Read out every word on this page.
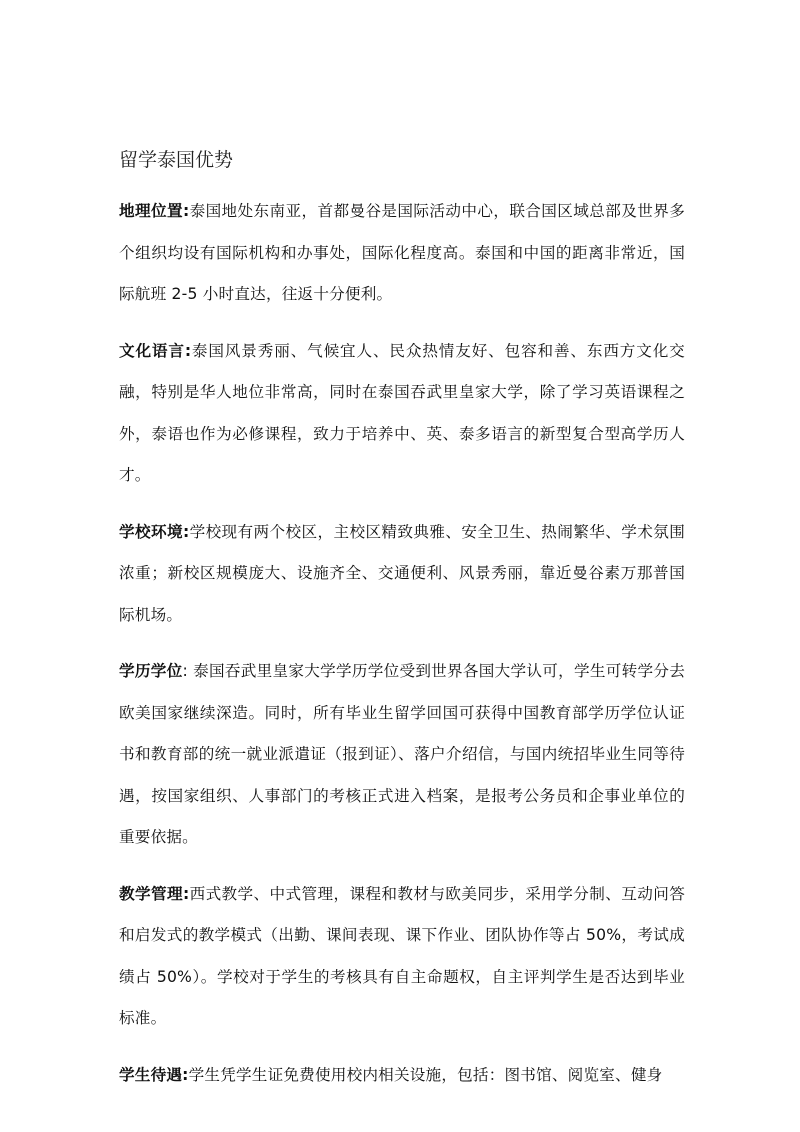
留学泰国优势

地理位置:泰国地处东南亚，首都曼谷是国际活动中心，联合国区域总部及世界多个组织均设有国际机构和办事处，国际化程度高。泰国和中国的距离非常近，国际航班 2-5 小时直达，往返十分便利。

文化语言:泰国风景秀丽、气候宜人、民众热情友好、包容和善、东西方文化交融，特别是华人地位非常高，同时在泰国吞武里皇家大学，除了学习英语课程之外，泰语也作为必修课程，致力于培养中、英、泰多语言的新型复合型高学历人才。

学校环境:学校现有两个校区，主校区精致典雅、安全卫生、热闹繁华、学术氛围浓重；新校区规模庞大、设施齐全、交通便利、风景秀丽，靠近曼谷素万那普国际机场。

学历学位: 泰国吞武里皇家大学学历学位受到世界各国大学认可，学生可转学分去欧美国家继续深造。同时，所有毕业生留学回国可获得中国教育部学历学位认证书和教育部的统一就业派遣证（报到证）、落户介绍信，与国内统招毕业生同等待遇，按国家组织、人事部门的考核正式进入档案，是报考公务员和企事业单位的重要依据。

教学管理:西式教学、中式管理，课程和教材与欧美同步，采用学分制、互动问答和启发式的教学模式（出勤、课间表现、课下作业、团队协作等占 50%，考试成绩占 50%）。学校对于学生的考核具有自主命题权，自主评判学生是否达到毕业标准。

学生待遇:学生凭学生证免费使用校内相关设施，包括：图书馆、阅览室、健身
